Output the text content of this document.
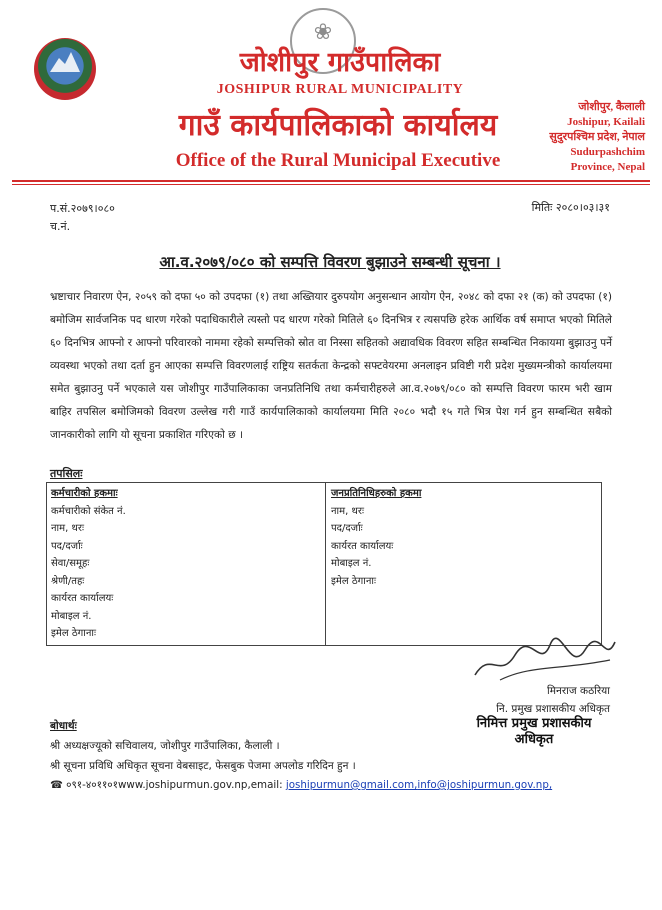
❀
जोशीपुर गाउँपालिका
JOSHIPUR RURAL MUNICIPALITY
गाउँ कार्यपालिकाको कार्यालय
Office of the Rural Municipal Executive
जोशीपुर, कैलाली
Joshipur, Kailali
सुदुरपश्चिम प्रदेश, नेपाल
Sudurpashchim
Province, Nepal
प.सं.२०७९।०८०
च.नं.
मितिः २०८०।०३।३१
आ.व.२०७९/०८० को सम्पत्ति विवरण बुझाउने सम्बन्धी सूचना ।
भ्रष्टाचार निवारण ऐन, २०५९ को दफा ५० को उपदफा (१) तथा अख्तियार दुरुपयोग अनुसन्धान आयोग ऐन, २०४८ को दफा २१ (क) को उपदफा (१) बमोजिम सार्वजनिक पद धारण गरेको पदाधिकारीले त्यस्तो पद धारण गरेको मितिले ६० दिनभित्र र त्यसपछि हरेक आर्थिक वर्ष समाप्त भएको मितिले ६० दिनभित्र आफ्नो र आफ्नो परिवारको नाममा रहेको सम्पत्तिको स्रोत वा निस्सा सहितको अद्यावधिक विवरण सहित सम्बन्धित निकायमा बुझाउनु पर्ने व्यवस्था भएको तथा दर्ता हुन आएका सम्पत्ति विवरणलाई राष्ट्रिय सतर्कता केन्द्रको सफ्टवेयरमा अनलाइन प्रविष्टी गरी प्रदेश मुख्यमन्त्रीको कार्यालयमा समेत बुझाउनु पर्ने भएकाले यस जोशीपुर गाउँपालिकाका जनप्रतिनिधि तथा कर्मचारीहरुले आ.व.२०७९/०८० को सम्पत्ति विवरण फारम भरी खाम बाहिर तपसिल बमोजिमको विवरण उल्लेख गरी गाउँ कार्यपालिकाको कार्यालयमा मिति २०८० भदौ १५ गते भित्र पेश गर्न हुन सम्बन्धित सबैको जानकारीको लागि यो सूचना प्रकाशित गरिएको छ ।
तपसिलः
कर्मचारीको हकमाः
कर्मचारीको संकेत नं.
नाम, थरः
पद/दर्जाः
सेवा/समूहः
श्रेणी/तहः
कार्यरत कार्यालयः
मोबाइल नं.
इमेल ठेगानाः
जनप्रतिनिधिहरुको हकमा
नाम, थरः
पद/दर्जाः
कार्यरत कार्यालयः
मोबाइल नं.
इमेल ठेगानाः
मिनराज कठरिया
नि. प्रमुख प्रशासकीय अधिकृत
निमित्त प्रमुख प्रशासकीय
अधिकृत
बोधार्थः
श्री अध्यक्षज्यूको सचिवालय, जोशीपुर गाउँपालिका, कैलाली ।
श्री सूचना प्रविधि अधिकृत सूचना वेबसाइट, फेसबुक पेजमा अपलोड गरिदिन हुन ।
☎ ०९१-४०११०१www.joshipurmun.gov.np,email: joshipurmun@gmail.com,info@joshipurmun.gov.np,
